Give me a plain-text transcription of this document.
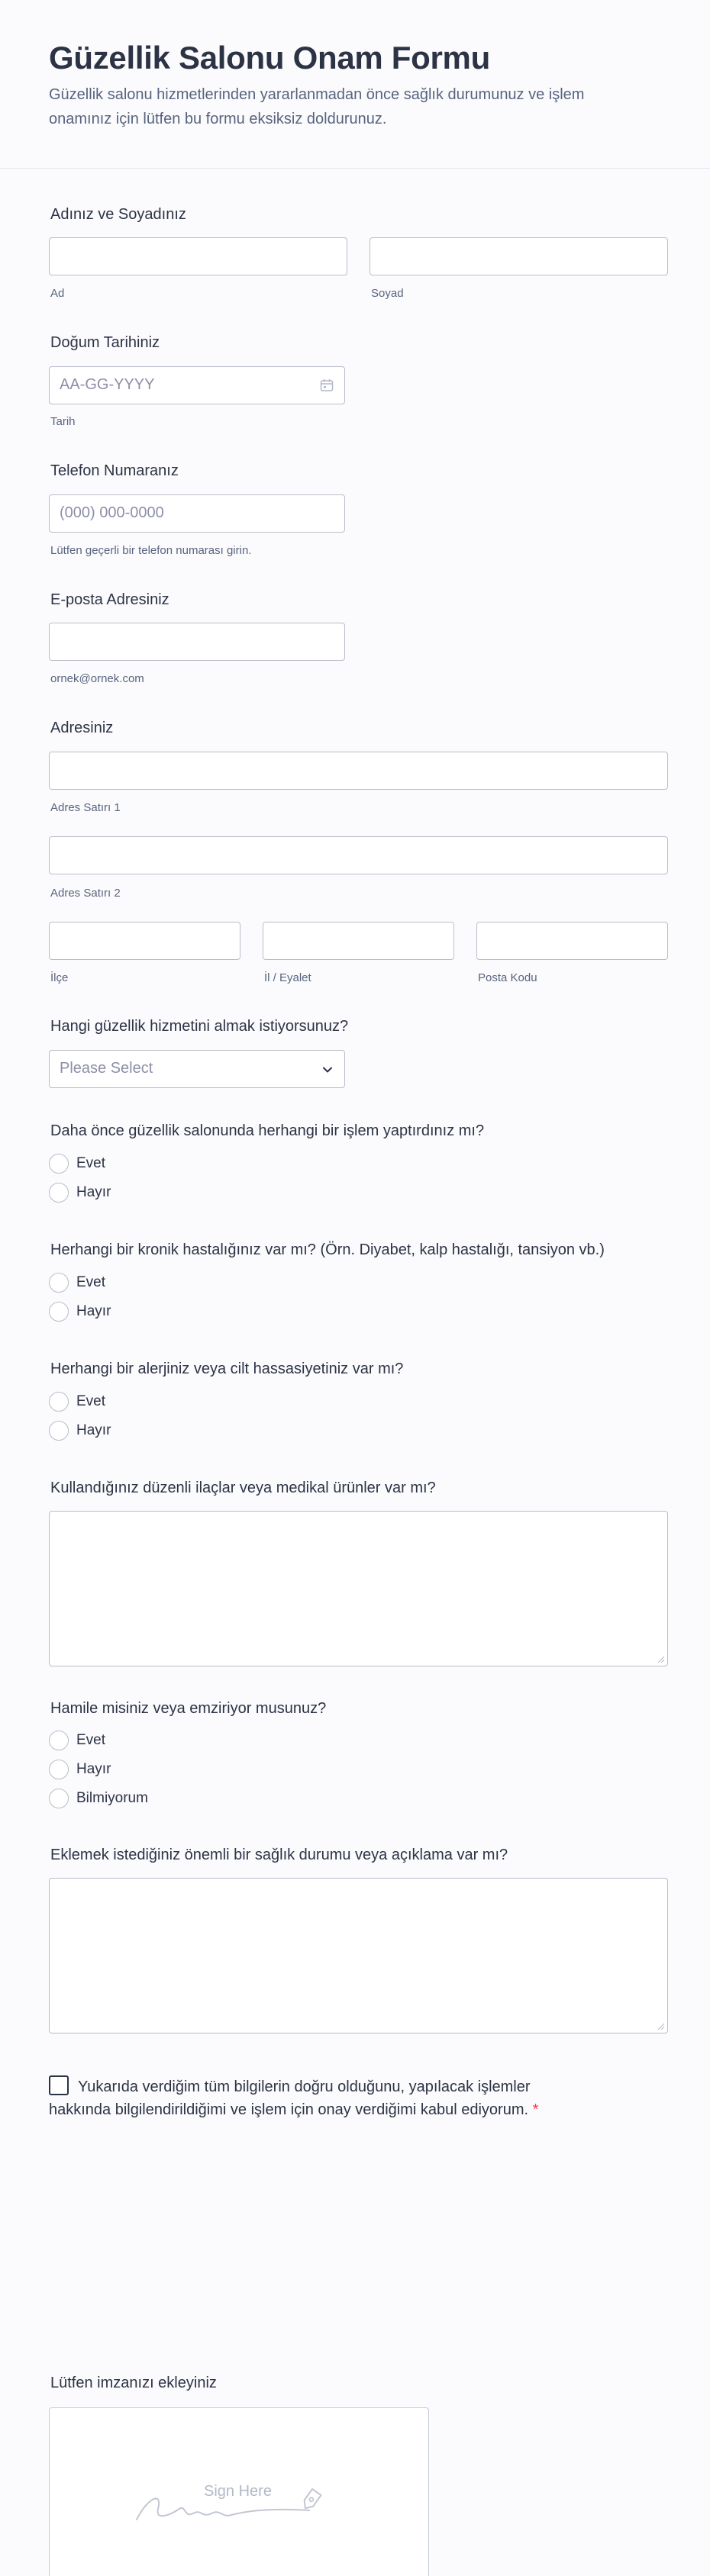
Güzellik Salonu Onam Formu

Güzellik salonu hizmetlerinden yararlanmadan önce sağlık durumunuz ve işlem onamınız için lütfen bu formu eksiksiz doldurunuz.

Adınız ve Soyadınız
Ad	Soyad
Doğum Tarihiniz
AA-GG-YYYY
Tarih
Telefon Numaranız
(000) 000-0000
Lütfen geçerli bir telefon numarası girin.
E-posta Adresiniz
ornek@ornek.com
Adresiniz
Adres Satırı 1
Adres Satırı 2
İlçe	İl / Eyalet	Posta Kodu
Hangi güzellik hizmetini almak istiyorsunuz?
Please Select
Daha önce güzellik salonunda herhangi bir işlem yaptırdınız mı?
Evet
Hayır
Herhangi bir kronik hastalığınız var mı? (Örn. Diyabet, kalp hastalığı, tansiyon vb.)
Evet
Hayır
Herhangi bir alerjiniz veya cilt hassasiyetiniz var mı?
Evet
Hayır
Kullandığınız düzenli ilaçlar veya medikal ürünler var mı?
Hamile misiniz veya emziriyor musunuz?
Evet
Hayır
Bilmiyorum
Eklemek istediğiniz önemli bir sağlık durumu veya açıklama var mı?
Yukarıda verdiğim tüm bilgilerin doğru olduğunu, yapılacak işlemler hakkında bilgilendirildiğimi ve işlem için onay verdiğimi kabul ediyorum. *
Lütfen imzanızı ekleyiniz
Sign Here
